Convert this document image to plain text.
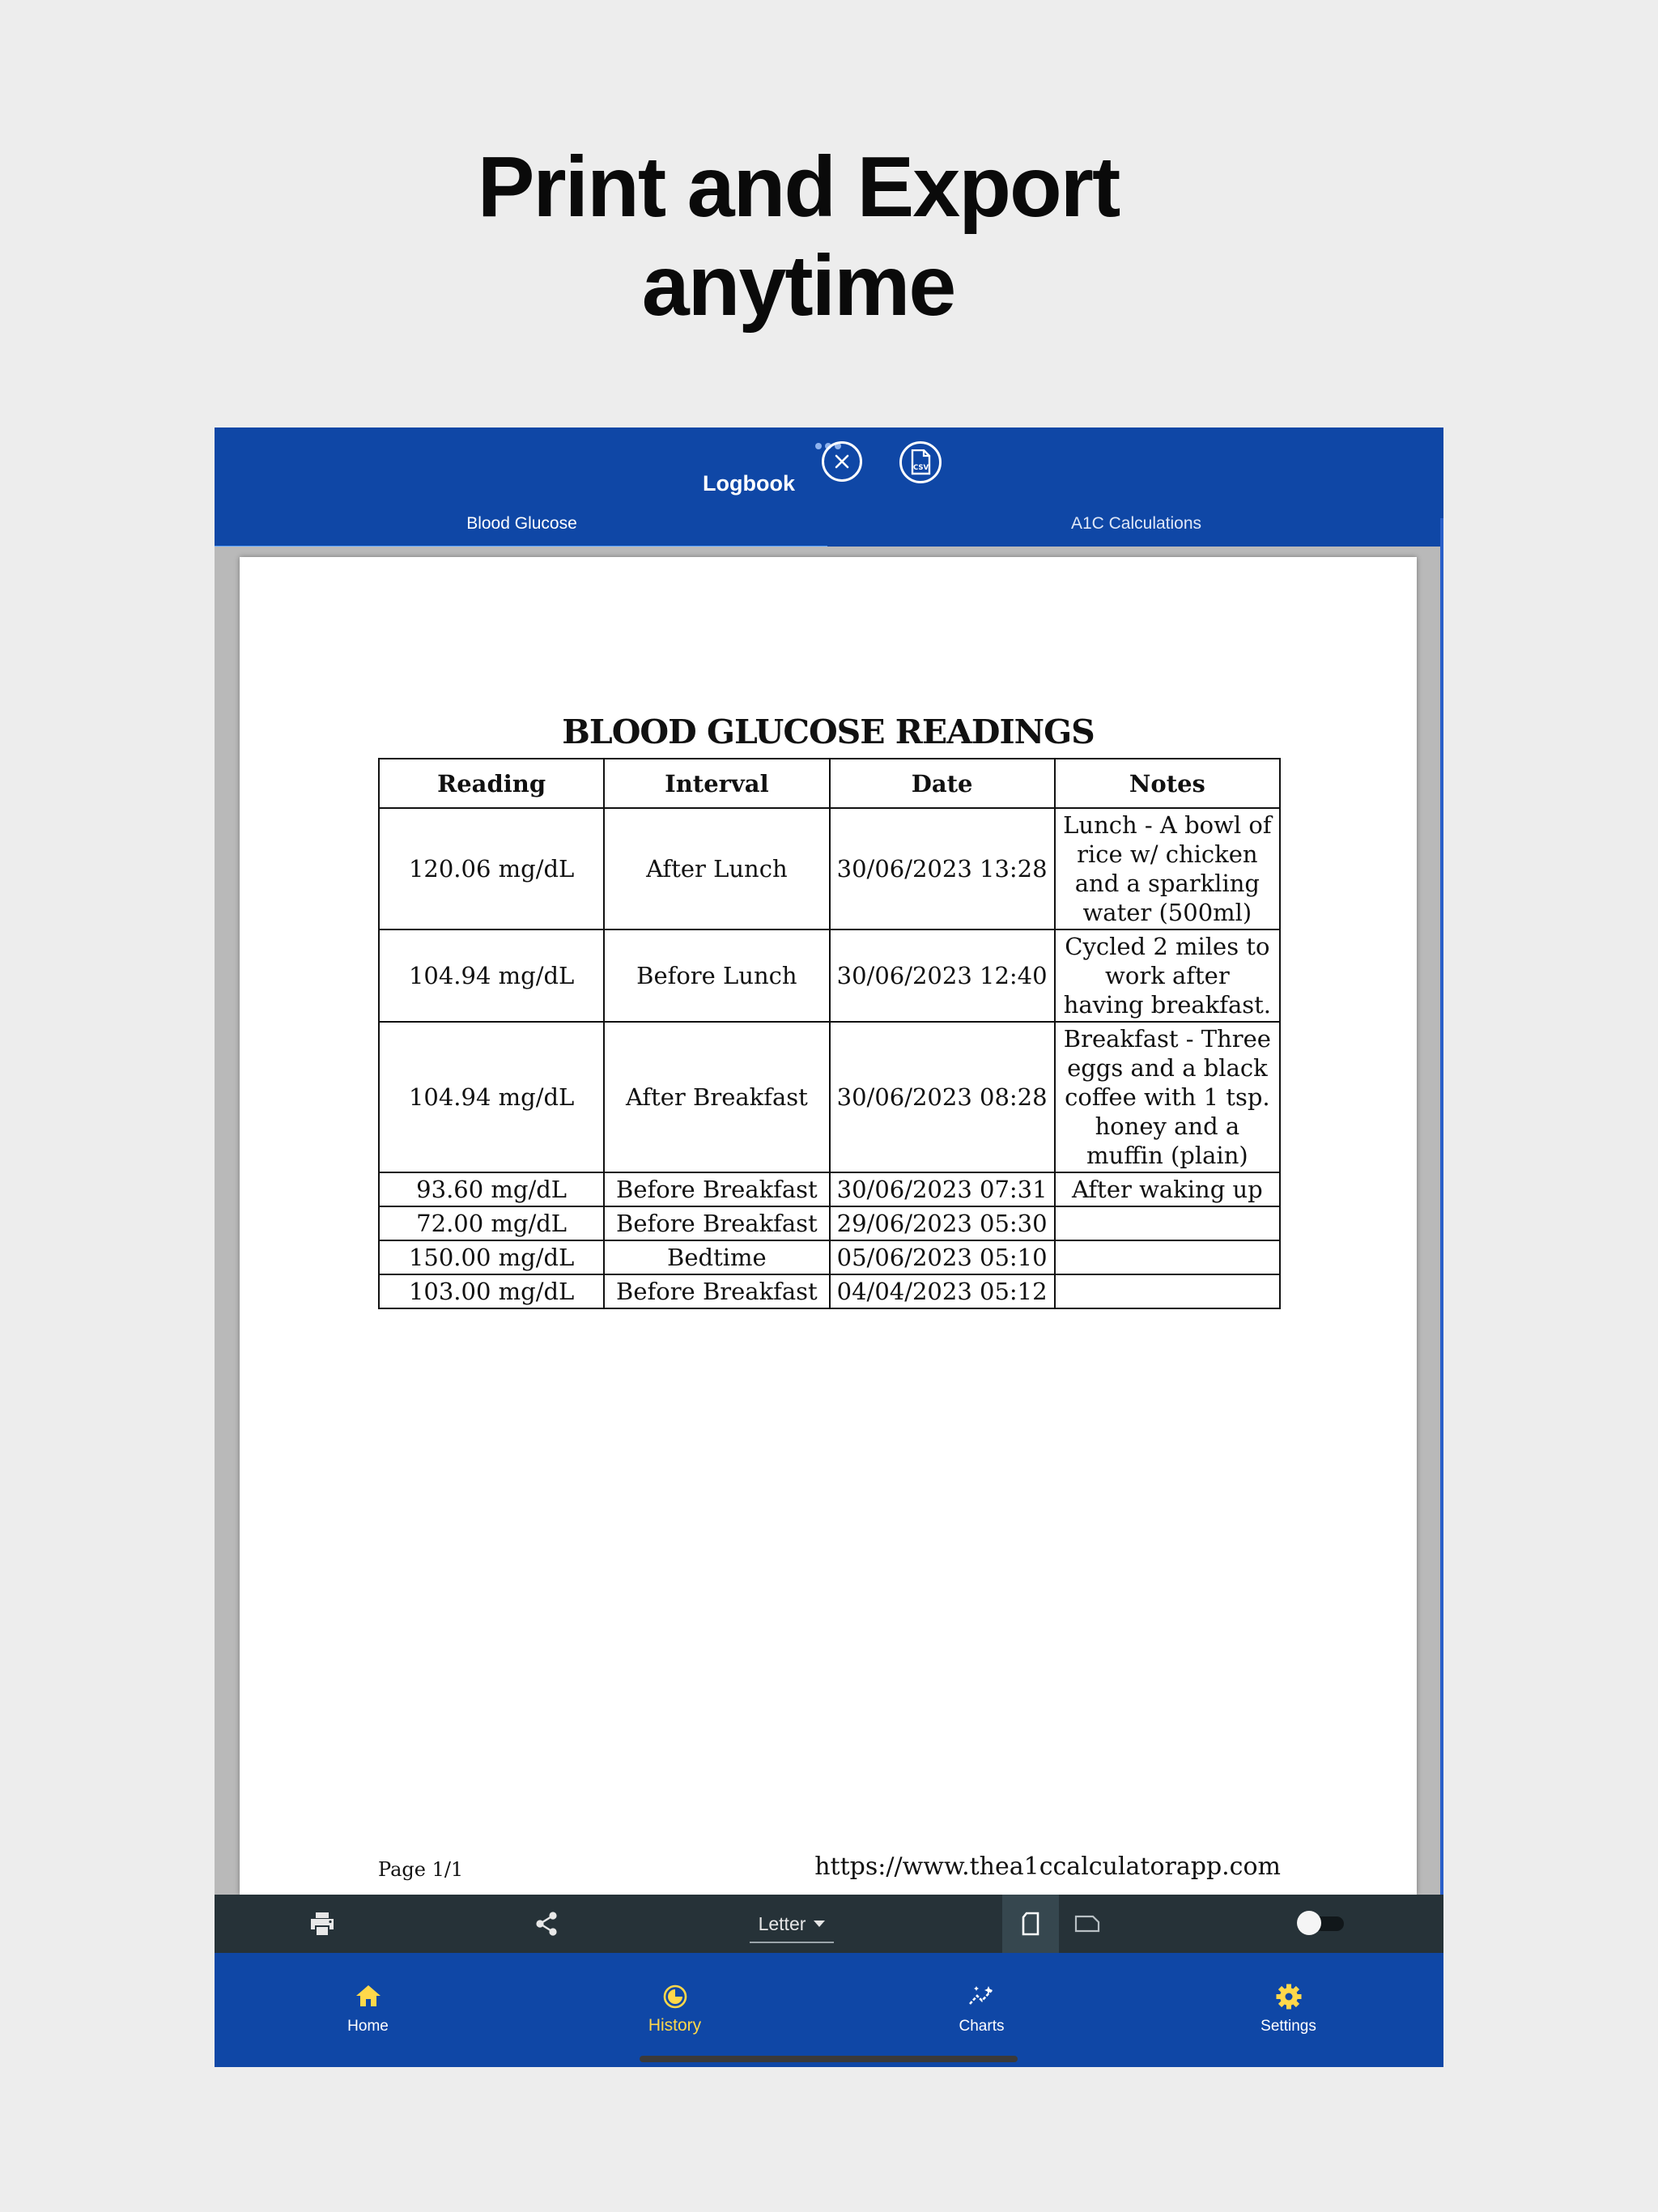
Print and Export
anytime
Logbook
CSV
Blood Glucose	A1C Calculations
BLOOD GLUCOSE READINGS
Reading	Interval	Date	Notes
120.06 mg/dL	After Lunch	30/06/2023 13:28	Lunch - A bowl of rice w/ chicken and a sparkling water (500ml)
104.94 mg/dL	Before Lunch	30/06/2023 12:40	Cycled 2 miles to work after having breakfast.
104.94 mg/dL	After Breakfast	30/06/2023 08:28	Breakfast - Three eggs and a black coffee with 1 tsp. honey and a muffin (plain)
93.60 mg/dL	Before Breakfast	30/06/2023 07:31	After waking up
72.00 mg/dL	Before Breakfast	29/06/2023 05:30	
150.00 mg/dL	Bedtime	05/06/2023 05:10	
103.00 mg/dL	Before Breakfast	04/04/2023 05:12	
Page 1/1	https://www.thea1ccalculatorapp.com
Letter
Home	History	Charts	Settings
